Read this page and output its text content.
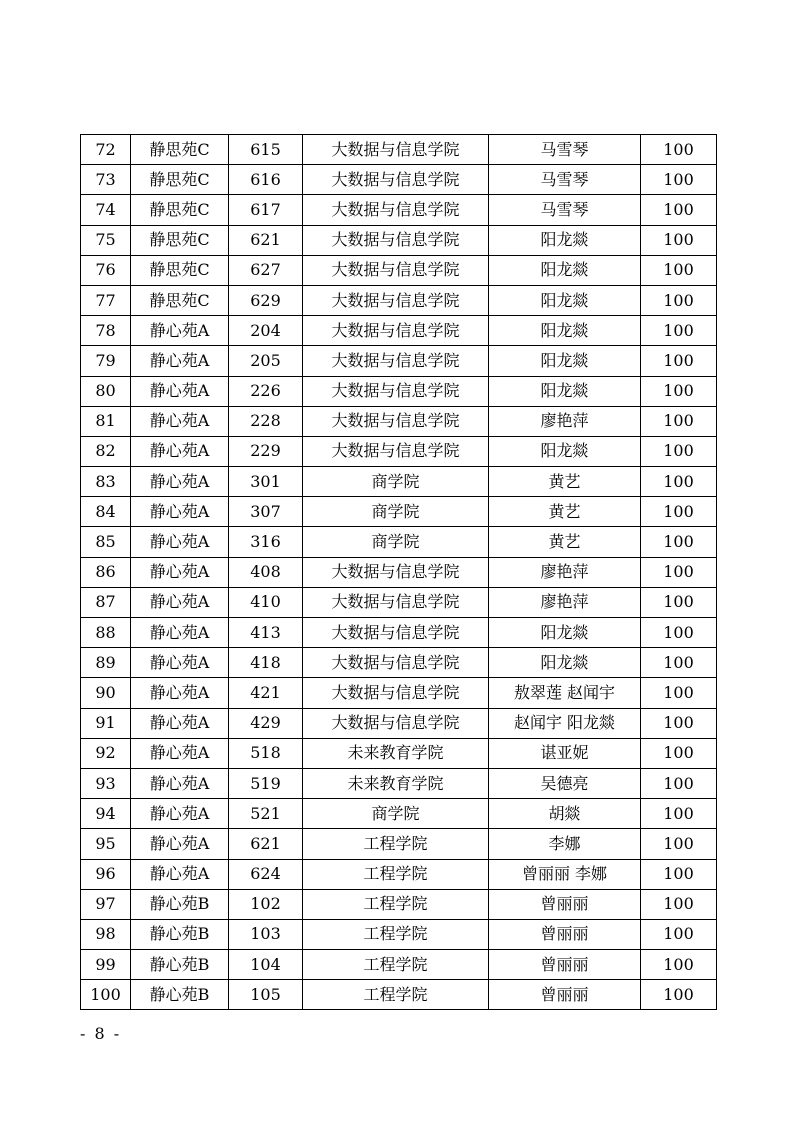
72	静思苑C	615	大数据与信息学院	马雪琴	100
73	静思苑C	616	大数据与信息学院	马雪琴	100
74	静思苑C	617	大数据与信息学院	马雪琴	100
75	静思苑C	621	大数据与信息学院	阳龙燚	100
76	静思苑C	627	大数据与信息学院	阳龙燚	100
77	静思苑C	629	大数据与信息学院	阳龙燚	100
78	静心苑A	204	大数据与信息学院	阳龙燚	100
79	静心苑A	205	大数据与信息学院	阳龙燚	100
80	静心苑A	226	大数据与信息学院	阳龙燚	100
81	静心苑A	228	大数据与信息学院	廖艳萍	100
82	静心苑A	229	大数据与信息学院	阳龙燚	100
83	静心苑A	301	商学院	黄艺	100
84	静心苑A	307	商学院	黄艺	100
85	静心苑A	316	商学院	黄艺	100
86	静心苑A	408	大数据与信息学院	廖艳萍	100
87	静心苑A	410	大数据与信息学院	廖艳萍	100
88	静心苑A	413	大数据与信息学院	阳龙燚	100
89	静心苑A	418	大数据与信息学院	阳龙燚	100
90	静心苑A	421	大数据与信息学院	敖翠莲 赵闻宇	100
91	静心苑A	429	大数据与信息学院	赵闻宇 阳龙燚	100
92	静心苑A	518	未来教育学院	谌亚妮	100
93	静心苑A	519	未来教育学院	吴德亮	100
94	静心苑A	521	商学院	胡燚	100
95	静心苑A	621	工程学院	李娜	100
96	静心苑A	624	工程学院	曾丽丽 李娜	100
97	静心苑B	102	工程学院	曾丽丽	100
98	静心苑B	103	工程学院	曾丽丽	100
99	静心苑B	104	工程学院	曾丽丽	100
100	静心苑B	105	工程学院	曾丽丽	100
- 8 -
